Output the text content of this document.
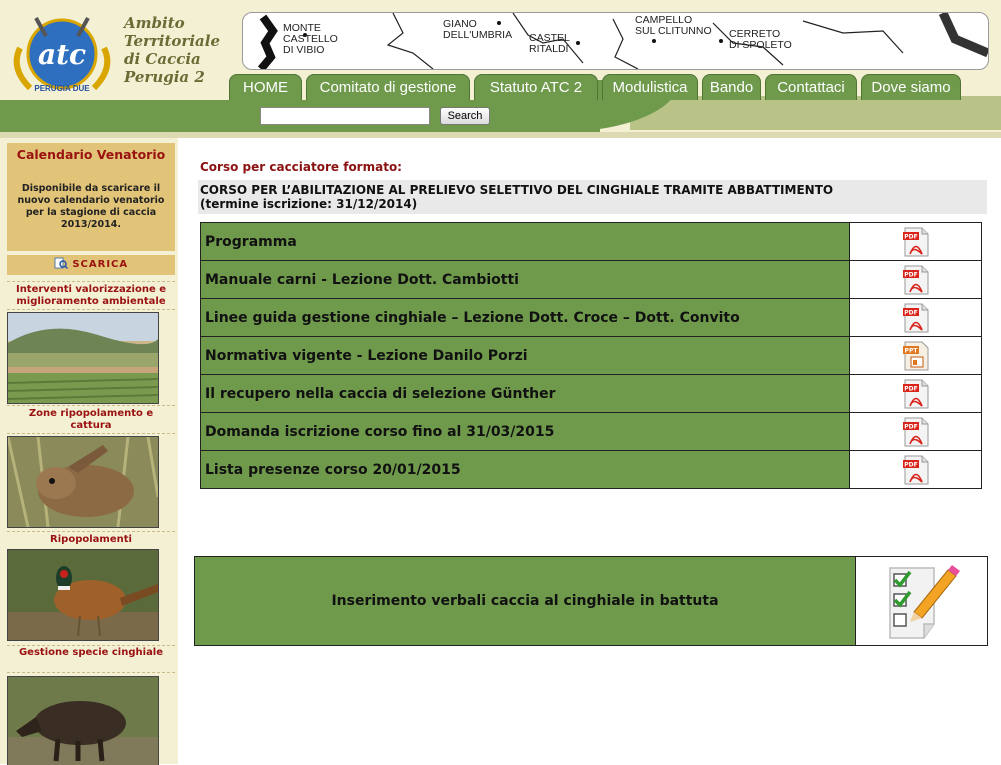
atc
PERUGIA DUE
Ambito
Territoriale
di Caccia
Perugia 2
MONTE
CASTELLO
DI VIBIO
GIANO
DELL'UMBRIA CASTEL
RITALDI
CAMPELLO
SUL CLITUNNO CERRETO
DI SPOLETO
HOME	Comitato di gestione	Statuto ATC 2	Modulistica	Bando	Contattaci	Dove siamo
Search
Calendario Venatorio
Disponibile da scaricare il nuovo calendario venatorio per la stagione di caccia 2013/2014.
SCARICA
Interventi valorizzazione e miglioramento ambientale
Zone ripopolamento e cattura
Ripopolamenti
Gestione specie cinghiale
Corso per cacciatore formato:
CORSO PER L’ABILITAZIONE AL PRELIEVO SELETTIVO DEL CINGHIALE TRAMITE ABBATTIMENTO
(termine iscrizione: 31/12/2014)
Programma	PDF

Manuale carni - Lezione Dott. Cambiotti	PDF

Linee guida gestione cinghiale – Lezione Dott. Croce – Dott. Convito	PDF

Normativa vigente - Lezione Danilo Porzi	PPT

Il recupero nella caccia di selezione Günther	PDF

Domanda iscrizione corso fino al 31/03/2015	PDF

Lista presenze corso 20/01/2015	PDF
Inserimento verbali caccia al cinghiale in battuta
